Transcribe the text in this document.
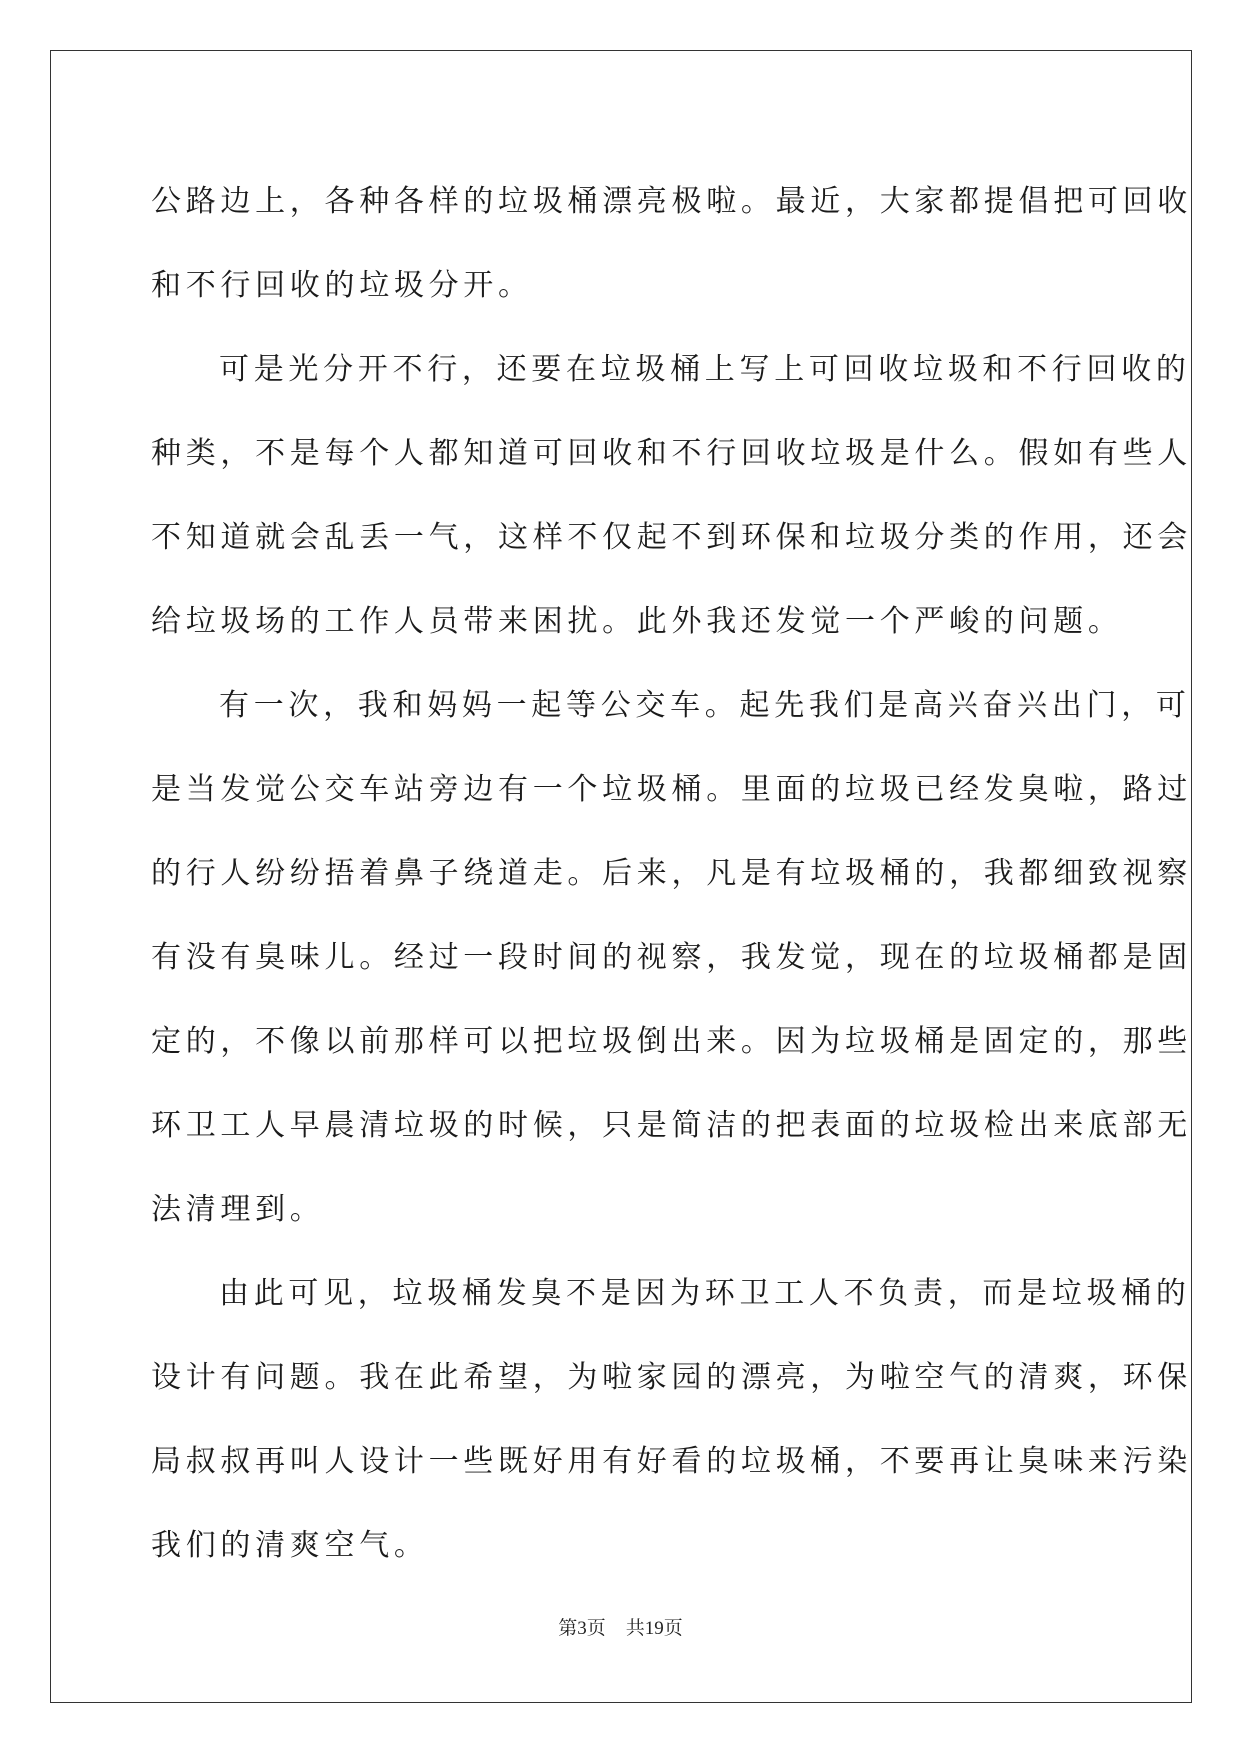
公路边上，各种各样的垃圾桶漂亮极啦。最近，大家都提倡把可回收
和不行回收的垃圾分开。
可是光分开不行，还要在垃圾桶上写上可回收垃圾和不行回收的
种类，不是每个人都知道可回收和不行回收垃圾是什么。假如有些人
不知道就会乱丢一气，这样不仅起不到环保和垃圾分类的作用，还会
给垃圾场的工作人员带来困扰。此外我还发觉一个严峻的问题。
有一次，我和妈妈一起等公交车。起先我们是高兴奋兴出门，可
是当发觉公交车站旁边有一个垃圾桶。里面的垃圾已经发臭啦，路过
的行人纷纷捂着鼻子绕道走。后来，凡是有垃圾桶的，我都细致视察
有没有臭味儿。经过一段时间的视察，我发觉，现在的垃圾桶都是固
定的，不像以前那样可以把垃圾倒出来。因为垃圾桶是固定的，那些
环卫工人早晨清垃圾的时候，只是简洁的把表面的垃圾检出来底部无
法清理到。
由此可见，垃圾桶发臭不是因为环卫工人不负责，而是垃圾桶的
设计有问题。我在此希望，为啦家园的漂亮，为啦空气的清爽，环保
局叔叔再叫人设计一些既好用有好看的垃圾桶，不要再让臭味来污染
我们的清爽空气。
第3页 共19页
